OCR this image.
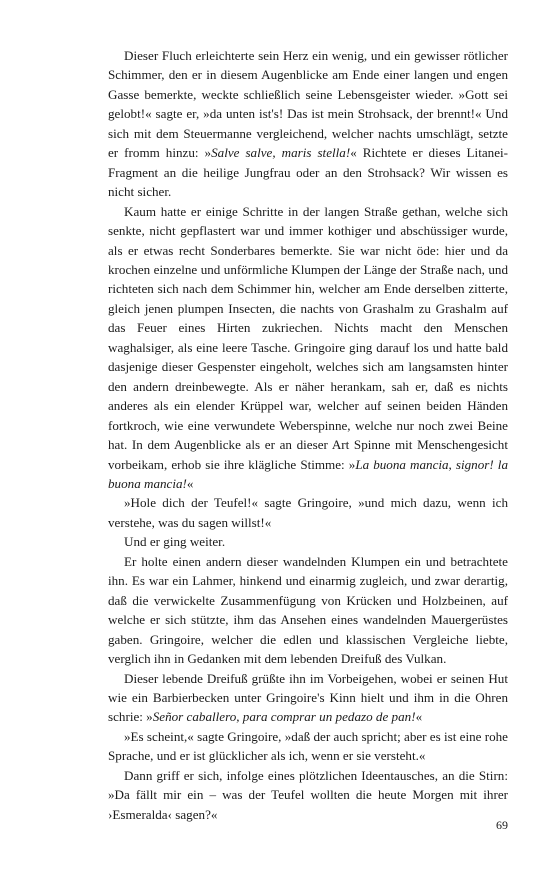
Dieser Fluch erleichterte sein Herz ein wenig, und ein gewisser rötlicher Schimmer, den er in diesem Augenblicke am Ende einer langen und engen Gasse bemerkte, weckte schließlich seine Lebensgeister wieder. »Gott sei gelobt!« sagte er, »da unten ist's! Das ist mein Strohsack, der brennt!« Und sich mit dem Steuermanne vergleichend, welcher nachts umschlägt, setzte er fromm hinzu: »Salve salve, maris stella!« Richtete er dieses Litanei-Fragment an die heilige Jungfrau oder an den Strohsack? Wir wissen es nicht sicher.

Kaum hatte er einige Schritte in der langen Straße gethan, welche sich senkte, nicht gepflastert war und immer kothiger und abschüssiger wurde, als er etwas recht Sonderbares bemerkte. Sie war nicht öde: hier und da krochen einzelne und unförmliche Klumpen der Länge der Straße nach, und richteten sich nach dem Schimmer hin, welcher am Ende derselben zitterte, gleich jenen plumpen Insecten, die nachts von Grashalm zu Grashalm auf das Feuer eines Hirten zukriechen. Nichts macht den Menschen waghalsiger, als eine leere Tasche. Gringoire ging darauf los und hatte bald dasjenige dieser Gespenster eingeholt, welches sich am langsamsten hinter den andern dreinbewegte. Als er näher herankam, sah er, daß es nichts anderes als ein elender Krüppel war, welcher auf seinen beiden Händen fortkroch, wie eine verwundete Weberspinne, welche nur noch zwei Beine hat. In dem Augenblicke als er an dieser Art Spinne mit Menschengesicht vorbeikam, erhob sie ihre klägliche Stimme: »La buona mancia, signor! la buona mancia!«

»Hole dich der Teufel!« sagte Gringoire, »und mich dazu, wenn ich verstehe, was du sagen willst!«

Und er ging weiter.

Er holte einen andern dieser wandelnden Klumpen ein und betrachtete ihn. Es war ein Lahmer, hinkend und einarmig zugleich, und zwar derartig, daß die verwickelte Zusammenfügung von Krücken und Holzbeinen, auf welche er sich stützte, ihm das Ansehen eines wandelnden Mauergerüstes gaben. Gringoire, welcher die edlen und klassischen Vergleiche liebte, verglich ihn in Gedanken mit dem lebenden Dreifuß des Vulkan.

Dieser lebende Dreifuß grüßte ihn im Vorbeigehen, wobei er seinen Hut wie ein Barbierbecken unter Gringoire's Kinn hielt und ihm in die Ohren schrie: »Señor caballero, para comprar un pedazo de pan!«

»Es scheint,« sagte Gringoire, »daß der auch spricht; aber es ist eine rohe Sprache, und er ist glücklicher als ich, wenn er sie versteht.«

Dann griff er sich, infolge eines plötzlichen Ideentausches, an die Stirn: »Da fällt mir ein – was der Teufel wollten die heute Morgen mit ihrer ›Esmeralda‹ sagen?«

69
